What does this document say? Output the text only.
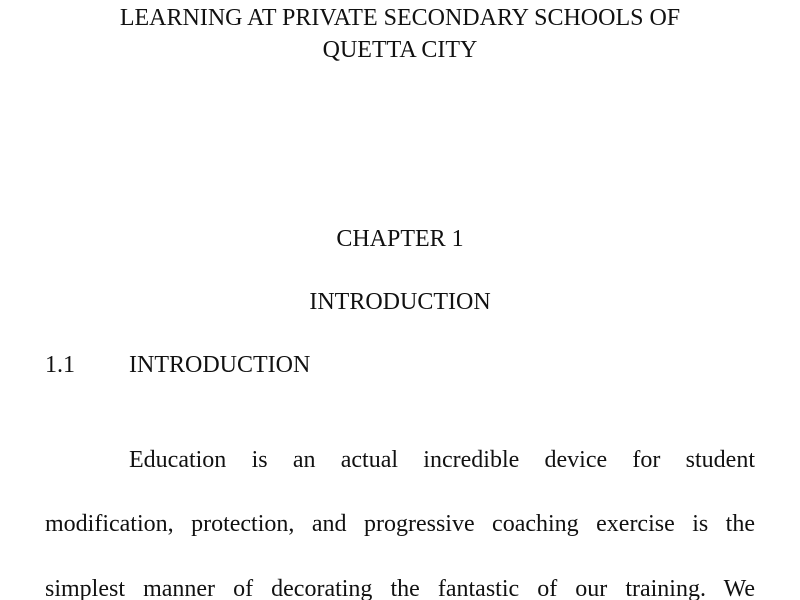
LEARNING AT PRIVATE SECONDARY SCHOOLS OF
QUETTA CITY
CHAPTER 1
INTRODUCTION
1.1 INTRODUCTION
Education is an actual incredible device for student
modification, protection, and progressive coaching exercise is the
simplest manner of decorating the fantastic of our training. We
